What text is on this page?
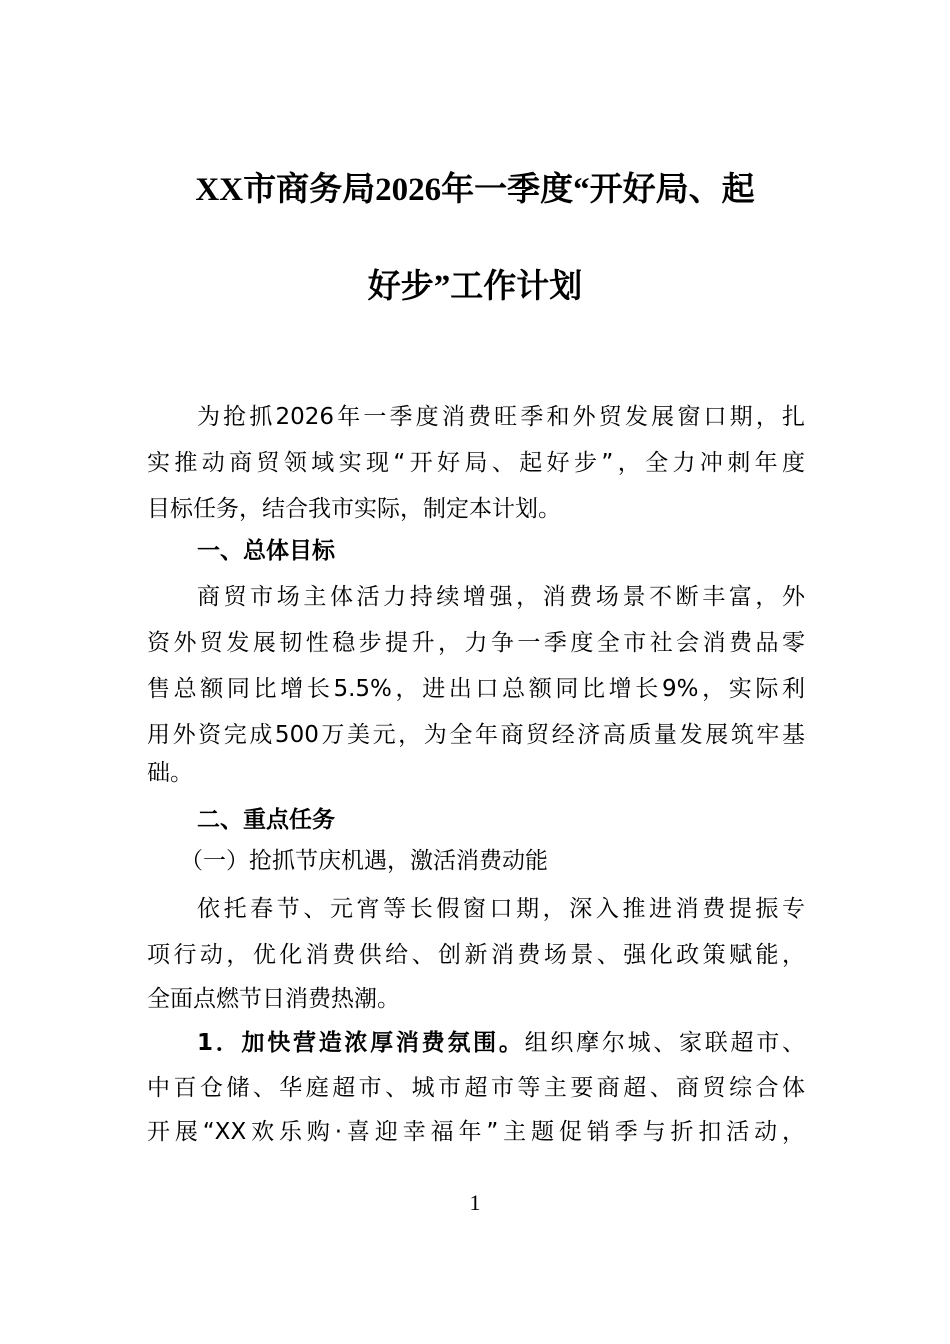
XX市商务局2026年一季度“开好局、起
好步”工作计划
为抢抓2026年一季度消费旺季和外贸发展窗口期，扎
实推动商贸领域实现“开好局、起好步”，全力冲刺年度
目标任务，结合我市实际，制定本计划。
一、总体目标
商贸市场主体活力持续增强，消费场景不断丰富，外
资外贸发展韧性稳步提升，力争一季度全市社会消费品零
售总额同比增长5.5%，进出口总额同比增长9%，实际利
用外资完成500万美元，为全年商贸经济高质量发展筑牢基
础。
二、重点任务
（一）抢抓节庆机遇，激活消费动能
依托春节、元宵等长假窗口期，深入推进消费提振专
项行动，优化消费供给、创新消费场景、强化政策赋能，
全面点燃节日消费热潮。
1．加快营造浓厚消费氛围。组织摩尔城、家联超市、
中百仓储、华庭超市、城市超市等主要商超、商贸综合体
开展“XX欢乐购·喜迎幸福年”主题促销季与折扣活动，
1
